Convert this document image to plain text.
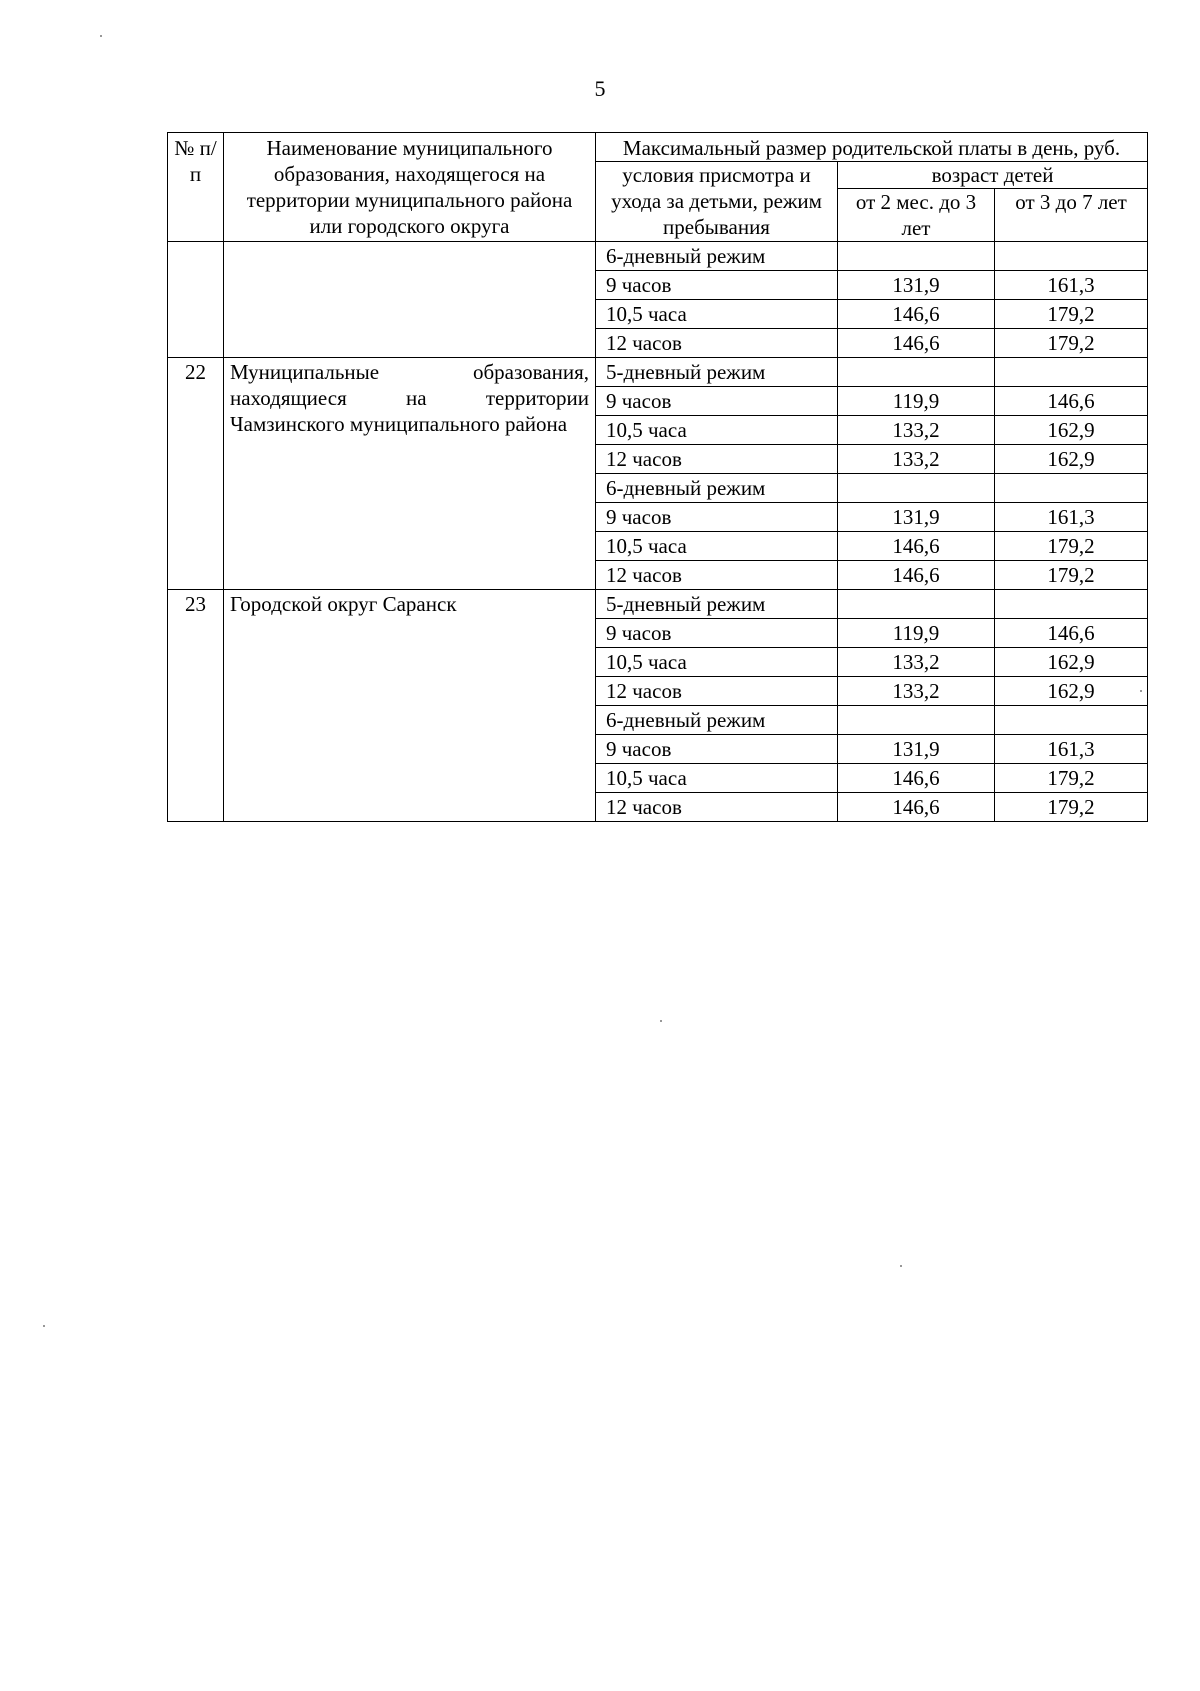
5
№ п/п	Наименование муниципального образования, находящегося на территории муниципального района или городского округа	Максимальный размер родительской платы в день, руб.		
		условия присмотра и ухода за детьми, режим пребывания	возраст детей	
			от 2 мес. до 3 лет	от 3 до 7 лет
		6-дневный режим		
		9 часов	131,9	161,3
		10,5 часа	146,6	179,2
		12 часов	146,6	179,2
22	Муниципальные образования, находящиеся на территории Чамзинского муниципального района	5-дневный режим		
		9 часов	119,9	146,6
		10,5 часа	133,2	162,9
		12 часов	133,2	162,9
		6-дневный режим		
		9 часов	131,9	161,3
		10,5 часа	146,6	179,2
		12 часов	146,6	179,2
23	Городской округ Саранск	5-дневный режим		
		9 часов	119,9	146,6
		10,5 часа	133,2	162,9
		12 часов	133,2	162,9
		6-дневный режим		
		9 часов	131,9	161,3
		10,5 часа	146,6	179,2
		12 часов	146,6	179,2
